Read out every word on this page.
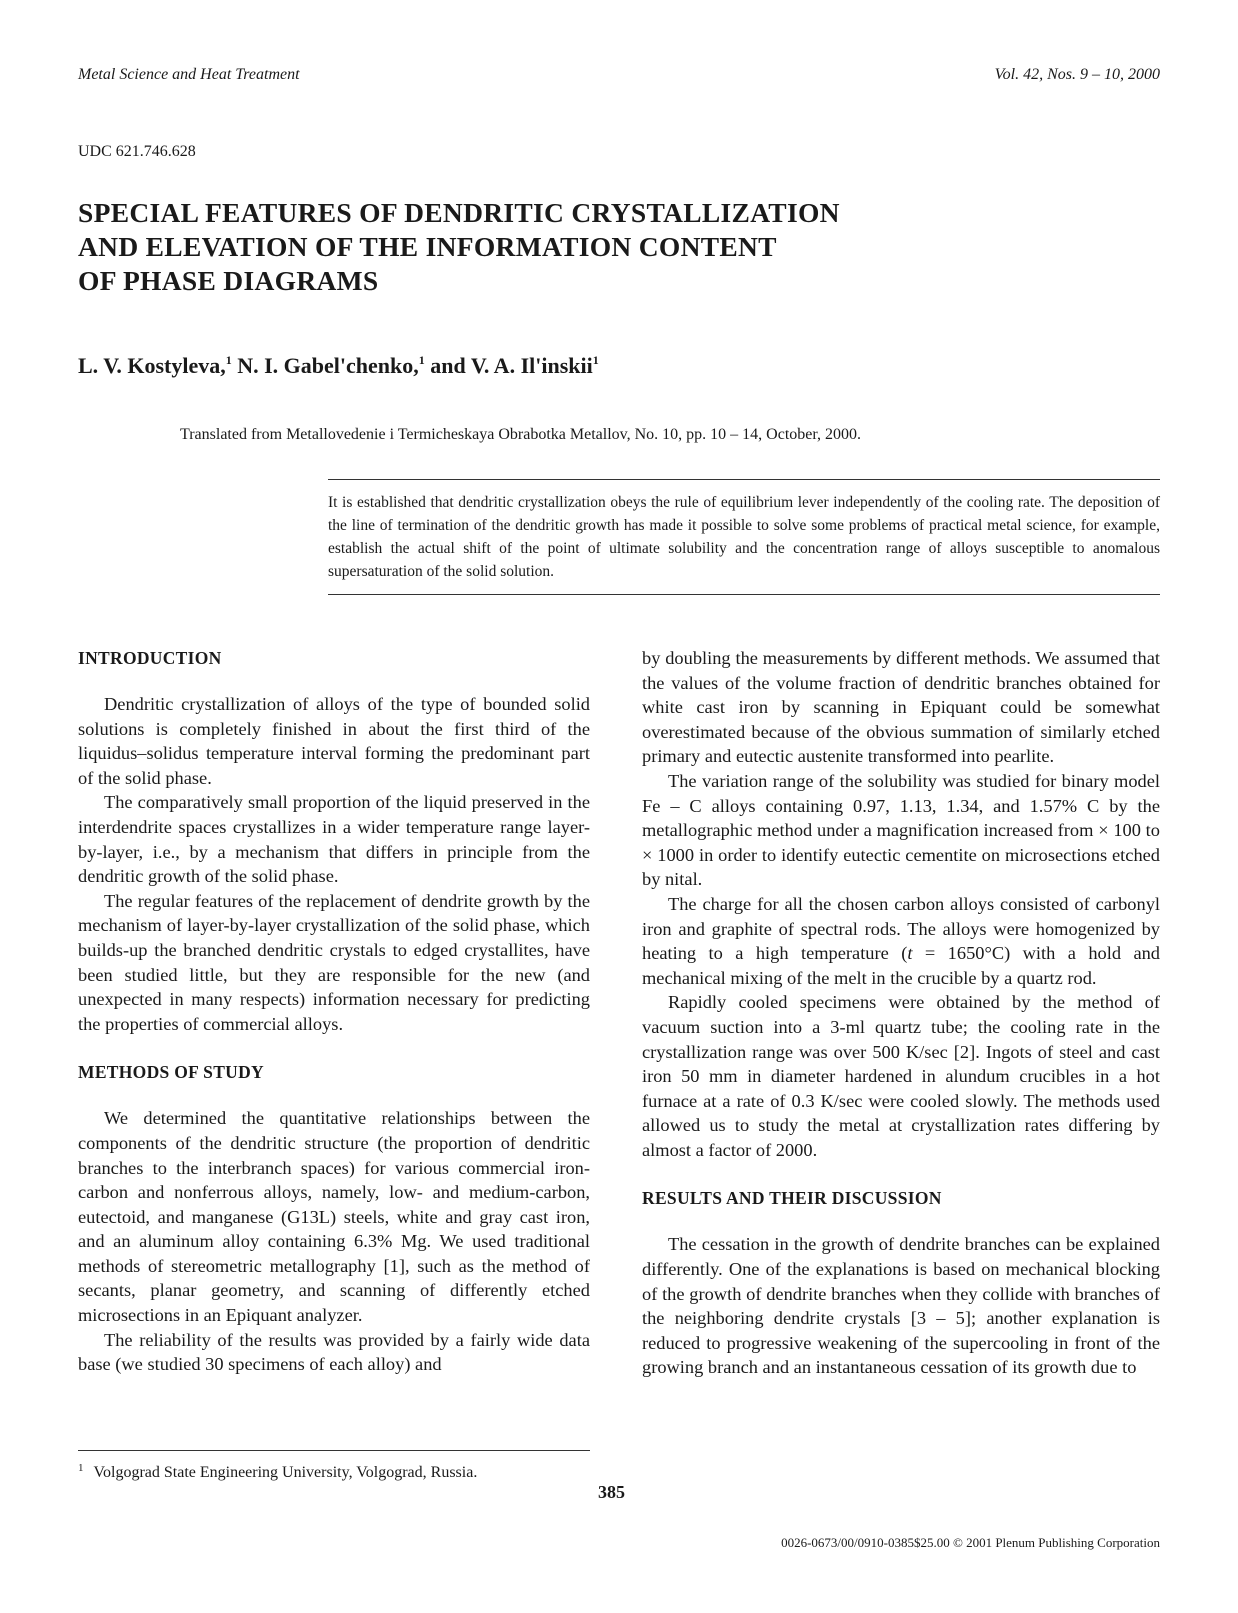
Metal Science and Heat Treatment	Vol. 42, Nos. 9 – 10, 2000
UDC 621.746.628
SPECIAL FEATURES OF DENDRITIC CRYSTALLIZATION
AND ELEVATION OF THE INFORMATION CONTENT
OF PHASE DIAGRAMS
L. V. Kostyleva,$^1$ N. I. Gabel'chenko,$^1$ and V. A. Il'inskii$^1$
Translated from Metallovedenie i Termicheskaya Obrabotka Metallov, No. 10, pp. 10 – 14, October, 2000.
It is established that dendritic crystallization obeys the rule of equilibrium lever independently of the cooling rate. The deposition of the line of termination of the dendritic growth has made it possible to solve some problems of practical metal science, for example, establish the actual shift of the point of ultimate solubility and the concentration range of alloys susceptible to anomalous supersaturation of the solid solution.
INTRODUCTION

Dendritic crystallization of alloys of the type of bounded solid solutions is completely finished in about the first third of the liquidus–solidus temperature interval forming the predominant part of the solid phase.

The comparatively small proportion of the liquid preserved in the interdendrite spaces crystallizes in a wider temperature range layer-by-layer, i.e., by a mechanism that differs in principle from the dendritic growth of the solid phase.

The regular features of the replacement of dendrite growth by the mechanism of layer-by-layer crystallization of the solid phase, which builds-up the branched dendritic crystals to edged crystallites, have been studied little, but they are responsible for the new (and unexpected in many respects) information necessary for predicting the properties of commercial alloys.

METHODS OF STUDY

We determined the quantitative relationships between the components of the dendritic structure (the proportion of dendritic branches to the interbranch spaces) for various commercial iron-carbon and nonferrous alloys, namely, low- and medium-carbon, eutectoid, and manganese (G13L) steels, white and gray cast iron, and an aluminum alloy containing 6.3% Mg. We used traditional methods of stereometric metallography [1], such as the method of secants, planar geometry, and scanning of differently etched microsections in an Epiquant analyzer.

The reliability of the results was provided by a fairly wide data base (we studied 30 specimens of each alloy) and

by doubling the measurements by different methods. We assumed that the values of the volume fraction of dendritic branches obtained for white cast iron by scanning in Epiquant could be somewhat overestimated because of the obvious summation of similarly etched primary and eutectic austenite transformed into pearlite.

The variation range of the solubility was studied for binary model Fe – C alloys containing 0.97, 1.13, 1.34, and 1.57% C by the metallographic method under a magnification increased from × 100 to × 1000 in order to identify eutectic cementite on microsections etched by nital.

The charge for all the chosen carbon alloys consisted of carbonyl iron and graphite of spectral rods. The alloys were homogenized by heating to a high temperature (t = 1650°C) with a hold and mechanical mixing of the melt in the crucible by a quartz rod.

Rapidly cooled specimens were obtained by the method of vacuum suction into a 3-ml quartz tube; the cooling rate in the crystallization range was over 500 K/sec [2]. Ingots of steel and cast iron 50 mm in diameter hardened in alundum crucibles in a hot furnace at a rate of 0.3 K/sec were cooled slowly. The methods used allowed us to study the metal at crystallization rates differing by almost a factor of 2000.

RESULTS AND THEIR DISCUSSION

The cessation in the growth of dendrite branches can be explained differently. One of the explanations is based on mechanical blocking of the growth of dendrite branches when they collide with branches of the neighboring dendrite crystals [3 – 5]; another explanation is reduced to progressive weakening of the supercooling in front of the growing branch and an instantaneous cessation of its growth due to

$^1$ Volgograd State Engineering University, Volgograd, Russia.
385
0026-0673/00/0910-0385$25.00 © 2001 Plenum Publishing Corporation
